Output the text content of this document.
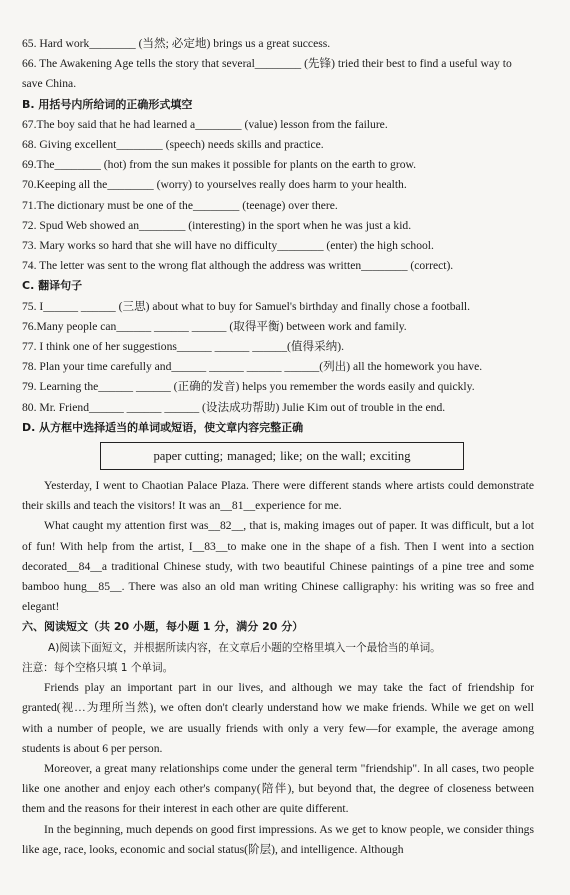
65. Hard work________ (当然; 必定地) brings us a great success.
66. The Awakening Age tells the story that several________ (先锋) tried their best to find a useful way to save China.
B. 用括号内所给词的正确形式填空
67.The boy said that he had learned a________ (value) lesson from the failure.
68. Giving excellent________ (speech) needs skills and practice.
69.The________ (hot) from the sun makes it possible for plants on the earth to grow.
70.Keeping all the________ (worry) to yourselves really does harm to your health.
71.The dictionary must be one of the________ (teenage) over there.
72. Spud Web showed an________ (interesting) in the sport when he was just a kid.
73. Mary works so hard that she will have no difficulty________ (enter) the high school.
74. The letter was sent to the wrong flat although the address was written________ (correct).
C. 翻译句子
75. I______ ______ (三思) about what to buy for Samuel's birthday and finally chose a football.
76.Many people can______ ______ ______ (取得平衡) between work and family.
77. I think one of her suggestions______ ______ ______(值得采纳).
78. Plan your time carefully and______ ______ ______ ______(列出) all the homework you have.
79. Learning the______ ______ (正确的发音) helps you remember the words easily and quickly.
80. Mr. Friend______ ______ ______ (设法成功帮助) Julie Kim out of trouble in the end.
D. 从方框中选择适当的单词或短语，使文章内容完整正确
paper cutting; managed; like; on the wall; exciting
Yesterday, I went to Chaotian Palace Plaza. There were different stands where artists could demonstrate their skills and teach the visitors! It was an__81__experience for me.
What caught my attention first was__82__, that is, making images out of paper. It was difficult, but a lot of fun! With help from the artist, I__83__to make one in the shape of a fish. Then I went into a section decorated__84__a traditional Chinese study, with two beautiful Chinese paintings of a pine tree and some bamboo hung__85__. There was also an old man writing Chinese calligraphy: his writing was so free and elegant!
六、阅读短文（共 20 小题，每小题 1 分，满分 20 分）
A)阅读下面短文，并根据所读内容，在文章后小题的空格里填入一个最恰当的单词。
注意：每个空格只填 1 个单词。
Friends play an important part in our lives, and although we may take the fact of friendship for granted(视…为理所当然), we often don't clearly understand how we make friends. While we get on well with a number of people, we are usually friends with only a very few—for example, the average among students is about 6 per person.
Moreover, a great many relationships come under the general term "friendship". In all cases, two people like one another and enjoy each other's company(陪伴), but beyond that, the degree of closeness between them and the reasons for their interest in each other are quite different.
In the beginning, much depends on good first impressions. As we get to know people, we consider things like age, race, looks, economic and social status(阶层), and intelligence. Although
